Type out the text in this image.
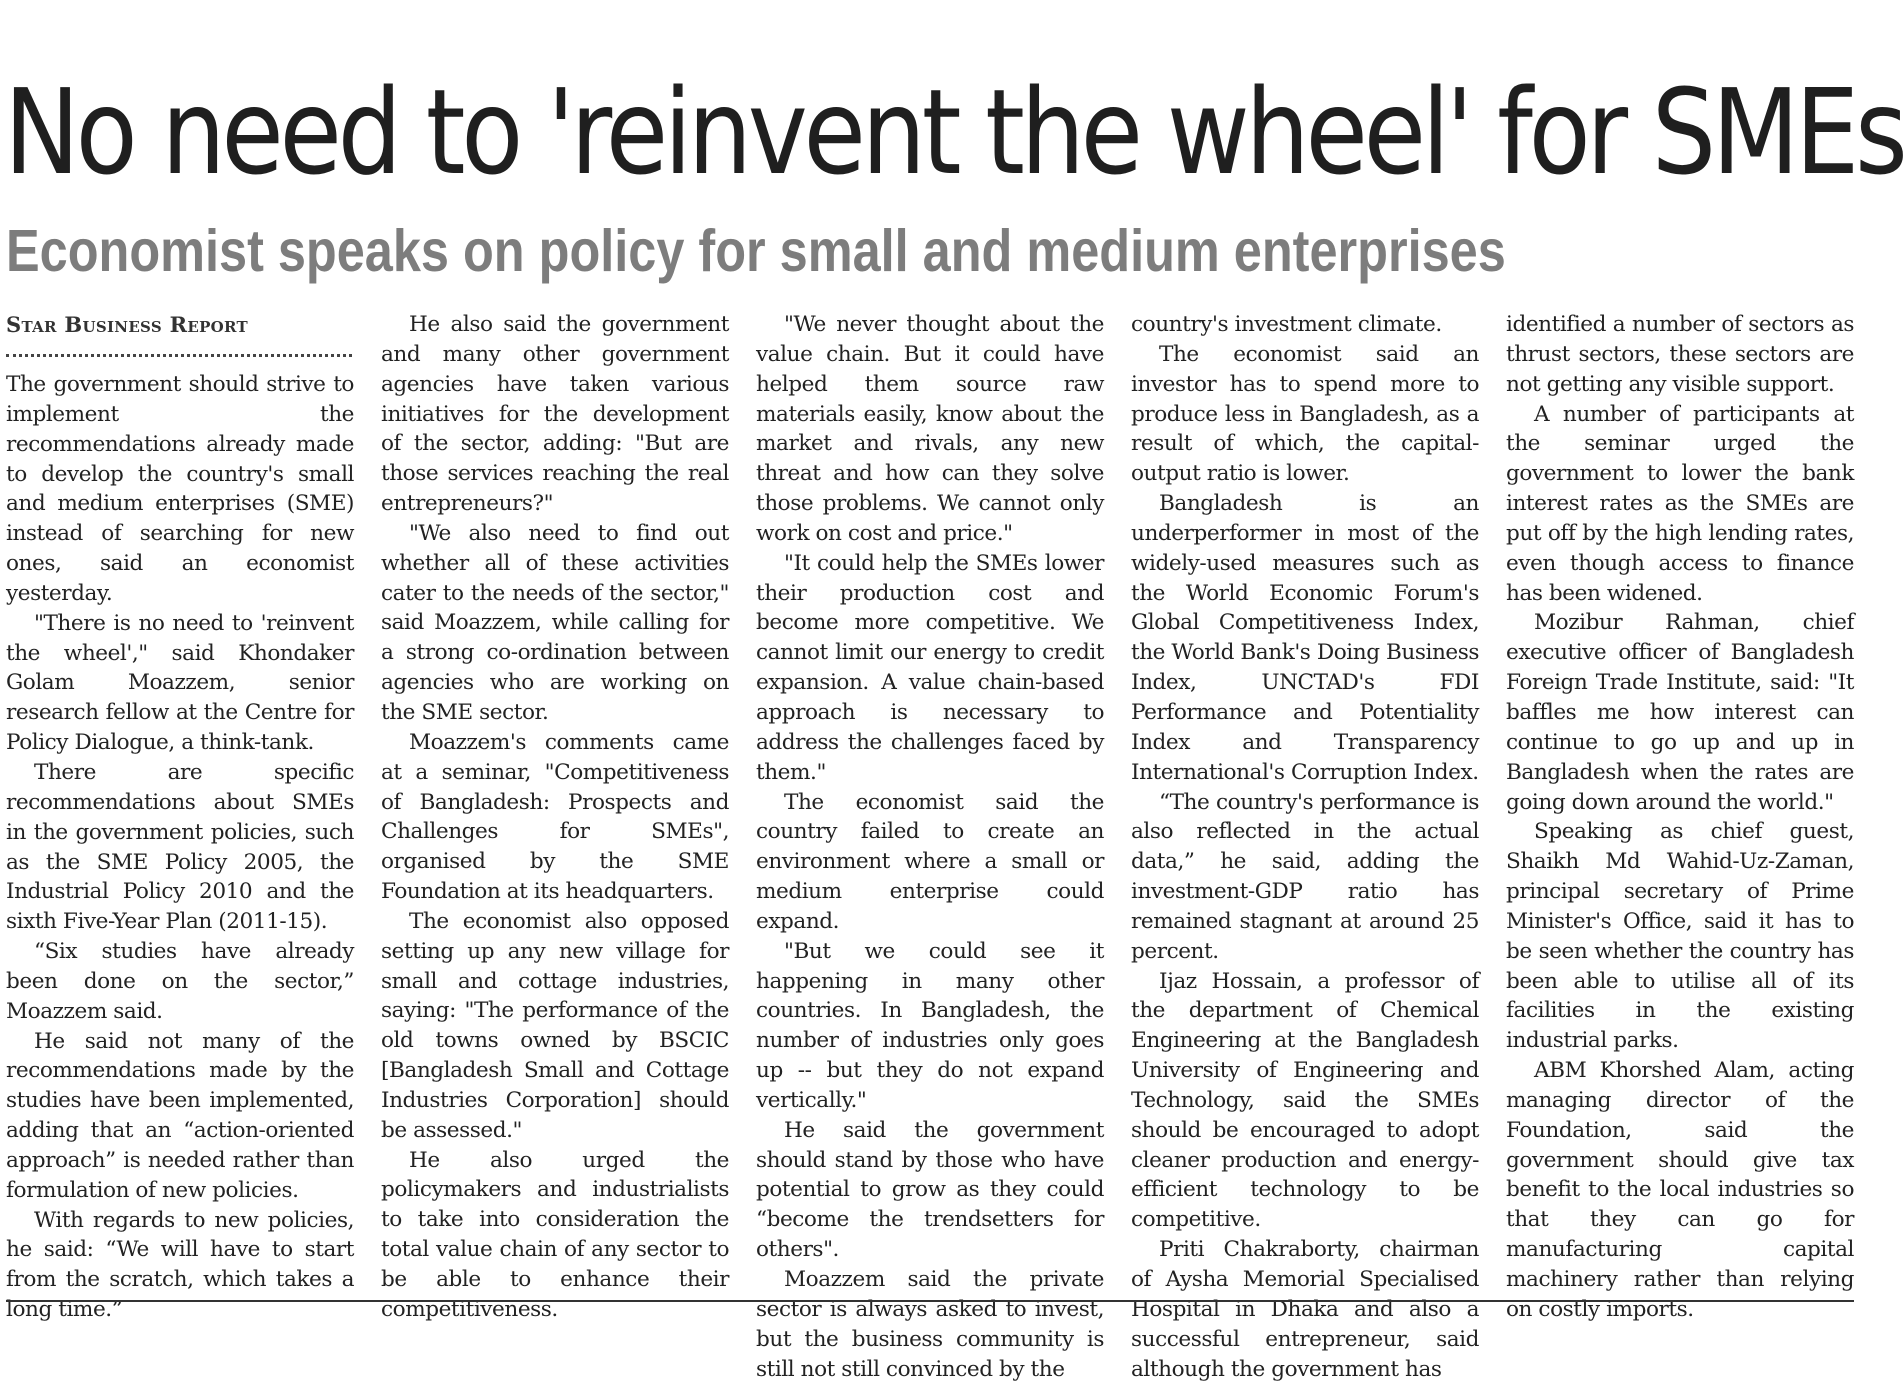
No need to 'reinvent the wheel' for SMEs
Economist speaks on policy for small and medium enterprises

Star Business Report

The government should strive to implement the recommendations already made to develop the country's small and medium enterprises (SME) instead of searching for new ones, said an economist yesterday.

"There is no need to 'reinvent the wheel'," said Khondaker Golam Moazzem, senior research fellow at the Centre for Policy Dialogue, a think-tank.

There are specific recommendations about SMEs in the government policies, such as the SME Policy 2005, the Industrial Policy 2010 and the sixth Five-Year Plan (2011-15).

“Six studies have already been done on the sector,” Moazzem said.

He said not many of the recommendations made by the studies have been implemented, adding that an “action-oriented approach” is needed rather than formulation of new policies.

With regards to new policies, he said: “We will have to start from the scratch, which takes a long time.”

He also said the government and many other government agencies have taken various initiatives for the development of the sector, adding: "But are those services reaching the real entrepreneurs?"

"We also need to find out whether all of these activities cater to the needs of the sector," said Moazzem, while calling for a strong co-ordination between agencies who are working on the SME sector.

Moazzem's comments came at a seminar, "Competitiveness of Bangladesh: Prospects and Challenges for SMEs", organised by the SME Foundation at its headquarters.

The economist also opposed setting up any new village for small and cottage industries, saying: "The performance of the old towns owned by BSCIC [Bangladesh Small and Cottage Industries Corporation] should be assessed."

He also urged the policymakers and industrialists to take into consideration the total value chain of any sector to be able to enhance their competitiveness.

"We never thought about the value chain. But it could have helped them source raw materials easily, know about the market and rivals, any new threat and how can they solve those problems. We cannot only work on cost and price."

"It could help the SMEs lower their production cost and become more competitive. We cannot limit our energy to credit expansion. A value chain-based approach is necessary to address the challenges faced by them."

The economist said the country failed to create an environment where a small or medium enterprise could expand.

"But we could see it happening in many other countries. In Bangladesh, the number of industries only goes up -- but they do not expand vertically."

He said the government should stand by those who have potential to grow as they could “become the trendsetters for others".

Moazzem said the private sector is always asked to invest, but the business community is still not still convinced by the

country's investment climate.

The economist said an investor has to spend more to produce less in Bangladesh, as a result of which, the capital-output ratio is lower.

Bangladesh is an underperformer in most of the widely-used measures such as the World Economic Forum's Global Competitiveness Index, the World Bank's Doing Business Index, UNCTAD's FDI Performance and Potentiality Index and Transparency International's Corruption Index.

“The country's performance is also reflected in the actual data,” he said, adding the investment-GDP ratio has remained stagnant at around 25 percent.

Ijaz Hossain, a professor of the department of Chemical Engineering at the Bangladesh University of Engineering and Technology, said the SMEs should be encouraged to adopt cleaner production and energy-efficient technology to be competitive.

Priti Chakraborty, chairman of Aysha Memorial Specialised Hospital in Dhaka and also a successful entrepreneur, said although the government has

identified a number of sectors as thrust sectors, these sectors are not getting any visible support.

A number of participants at the seminar urged the government to lower the bank interest rates as the SMEs are put off by the high lending rates, even though access to finance has been widened.

Mozibur Rahman, chief executive officer of Bangladesh Foreign Trade Institute, said: "It baffles me how interest can continue to go up and up in Bangladesh when the rates are going down around the world."

Speaking as chief guest, Shaikh Md Wahid-Uz-Zaman, principal secretary of Prime Minister's Office, said it has to be seen whether the country has been able to utilise all of its facilities in the existing industrial parks.

ABM Khorshed Alam, acting managing director of the Foundation, said the government should give tax benefit to the local industries so that they can go for manufacturing capital machinery rather than relying on costly imports.
